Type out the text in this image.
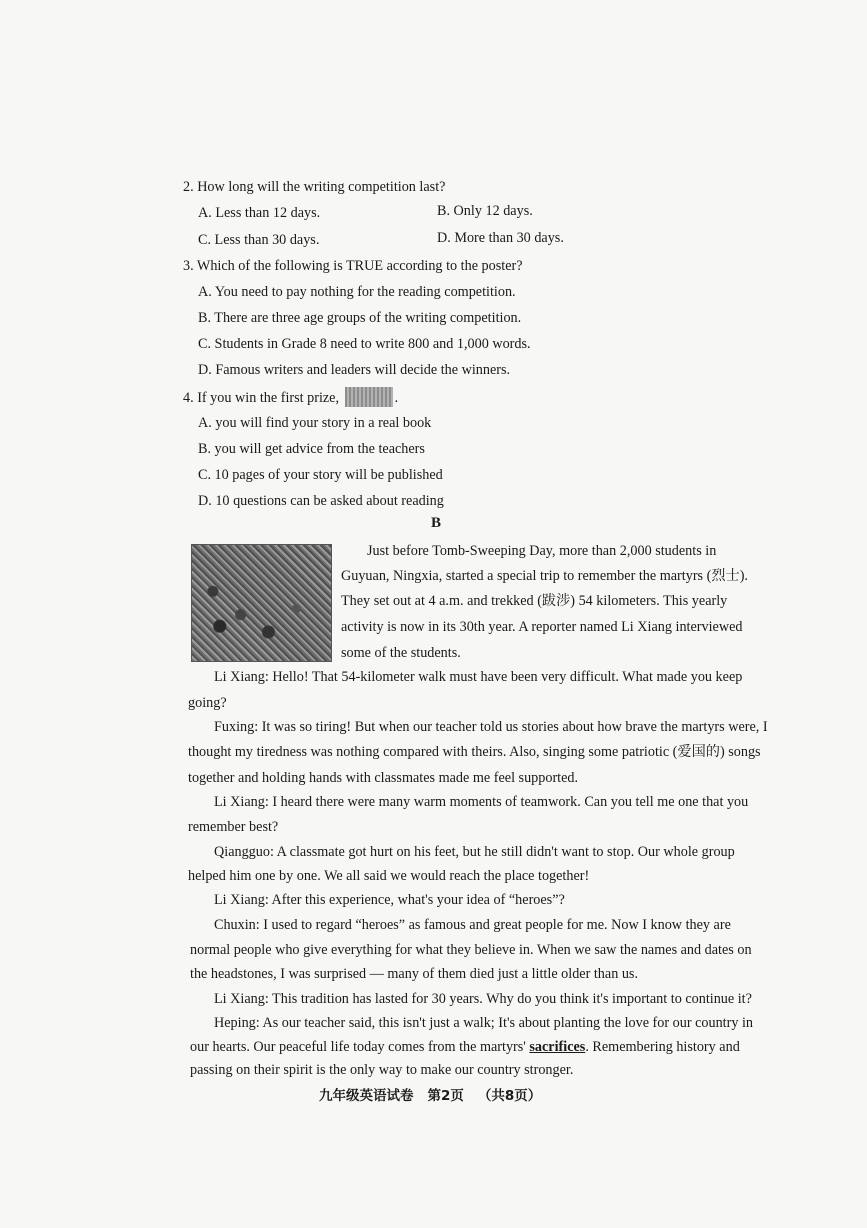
2. How long will the writing competition last?
A. Less than 12 days.	B. Only 12 days.
C. Less than 30 days.	D. More than 30 days.
3. Which of the following is TRUE according to the poster?
A. You need to pay nothing for the reading competition.
B. There are three age groups of the writing competition.
C. Students in Grade 8 need to write 800 and 1,000 words.
D. Famous writers and leaders will decide the winners.
4. If you win the first prize,	.
A. you will find your story in a real book
B. you will get advice from the teachers
C. 10 pages of your story will be published
D. 10 questions can be asked about reading
B
Just before Tomb-Sweeping Day, more than 2,000 students in
Guyuan, Ningxia, started a special trip to remember the martyrs (烈士).
They set out at 4 a.m. and trekked (跋涉) 54 kilometers. This yearly
activity is now in its 30th year. A reporter named Li Xiang interviewed
some of the students.
Li Xiang: Hello! That 54-kilometer walk must have been very difficult. What made you keep
going?
Fuxing: It was so tiring! But when our teacher told us stories about how brave the martyrs were, I
thought my tiredness was nothing compared with theirs. Also, singing some patriotic (爱国的) songs
together and holding hands with classmates made me feel supported.
Li Xiang: I heard there were many warm moments of teamwork. Can you tell me one that you
remember best?
Qiangguo: A classmate got hurt on his feet, but he still didn't want to stop. Our whole group
helped him one by one. We all said we would reach the place together!
Li Xiang: After this experience, what's your idea of “heroes”?
Chuxin: I used to regard “heroes” as famous and great people for me. Now I know they are
normal people who give everything for what they believe in. When we saw the names and dates on
the headstones, I was surprised — many of them died just a little older than us.
Li Xiang: This tradition has lasted for 30 years. Why do you think it's important to continue it?
Heping: As our teacher said, this isn't just a walk; It's about planting the love for our country in
our hearts. Our peaceful life today comes from the martyrs' sacrifices. Remembering history and
passing on their spirit is the only way to make our country stronger.
九年级英语试卷 第2页 （共8页）
